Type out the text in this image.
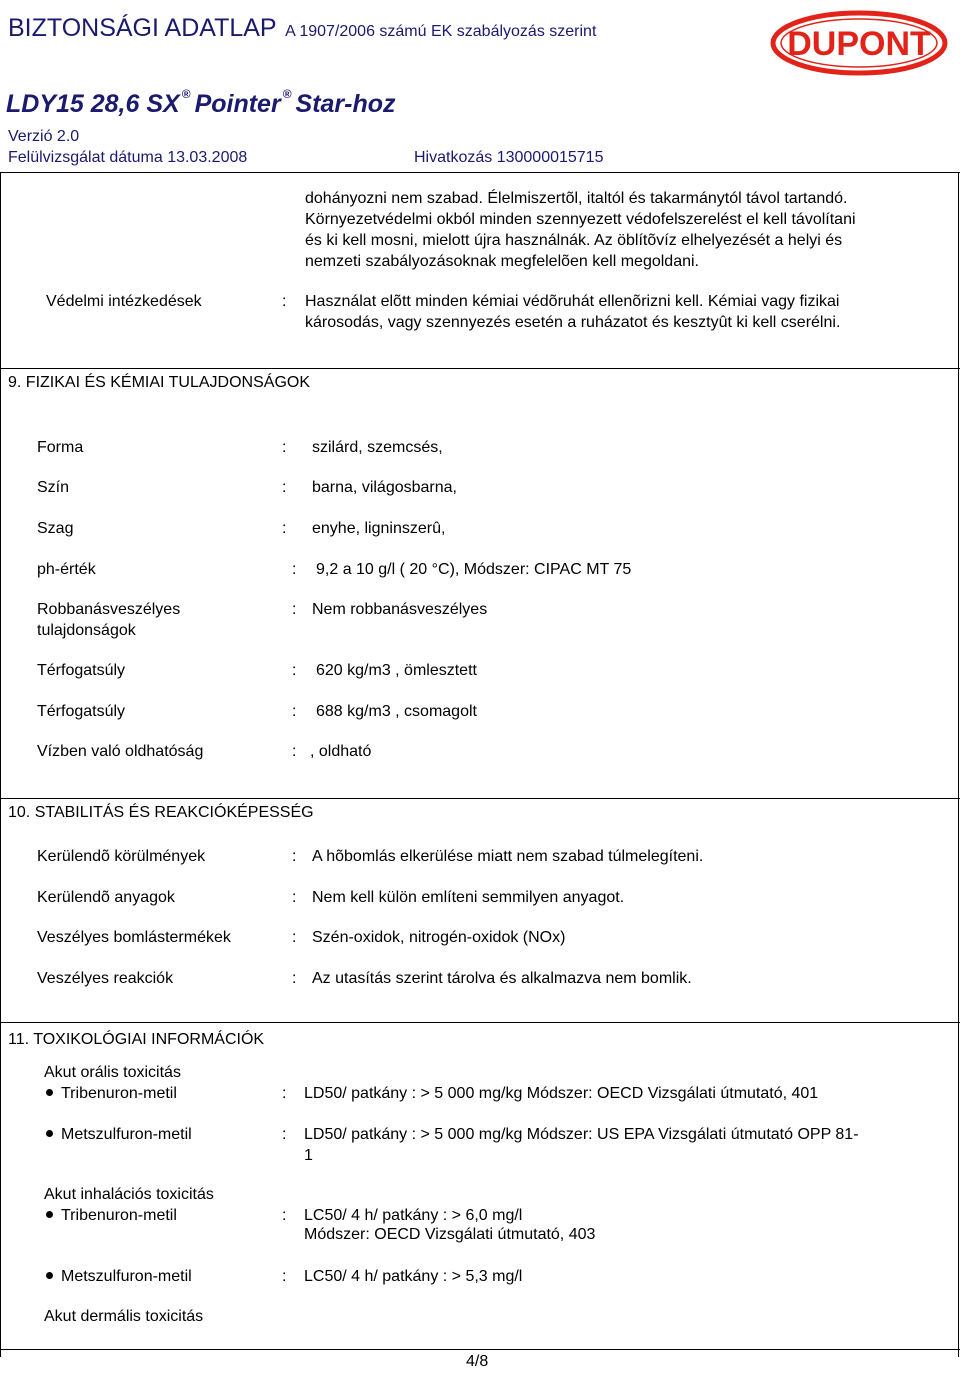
BIZTONSÁGI ADATLAP A 1907/2006 számú EK szabályozás szerint	DUPONT
LDY15 28,6 SX ® Pointer ® Star-hoz
Verzió 2.0
Felülvizsgálat dátuma 13.03.2008	Hivatkozás 130000015715
dohányozni nem szabad. Élelmiszertõl, italtól és takarmánytól távol tartandó.
Környezetvédelmi okból minden szennyezett védofelszerelést el kell távolítani
és ki kell mosni, mielott újra használnák. Az öblítõvíz elhelyezését a helyi és
nemzeti szabályozásoknak megfelelõen kell megoldani.
Védelmi intézkedések	: Használat elõtt minden kémiai védõruhát ellenõrizni kell. Kémiai vagy fizikai
károsodás, vagy szennyezés esetén a ruházatot és kesztyût ki kell cserélni.
9. FIZIKAI ÉS KÉMIAI TULAJDONSÁGOK
Forma	: szilárd, szemcsés,
Szín	: barna, világosbarna,
Szag	: enyhe, ligninszerû,
ph-érték	: 9,2 a 10 g/l ( 20 °C), Módszer: CIPAC MT 75
Robbanásveszélyes
tulajdonságok
: Nem robbanásveszélyes
Térfogatsúly	: 620 kg/m3 , ömlesztett
Térfogatsúly	: 688 kg/m3 , csomagolt
Vízben való oldhatóság	: , oldható
10. STABILITÁS ÉS REAKCIÓKÉPESSÉG
Kerülendõ körülmények	: A hõbomlás elkerülése miatt nem szabad túlmelegíteni.
Kerülendõ anyagok	: Nem kell külön említeni semmilyen anyagot.
Veszélyes bomlástermékek	: Szén-oxidok, nitrogén-oxidok (NOx)
Veszélyes reakciók	: Az utasítás szerint tárolva és alkalmazva nem bomlik.
11. TOXIKOLÓGIAI INFORMÁCIÓK
Akut orális toxicitás
Tribenuron-metil	: LD50/ patkány : > 5 000 mg/kg Módszer: OECD Vizsgálati útmutató, 401
Metszulfuron-metil	: LD50/ patkány : > 5 000 mg/kg Módszer: US EPA Vizsgálati útmutató OPP 81-
1
Akut inhalációs toxicitás
Tribenuron-metil	: LC50/ 4 h/ patkány : > 6,0 mg/l
Módszer: OECD Vizsgálati útmutató, 403
Metszulfuron-metil	: LC50/ 4 h/ patkány : > 5,3 mg/l
Akut dermális toxicitás
4/8
